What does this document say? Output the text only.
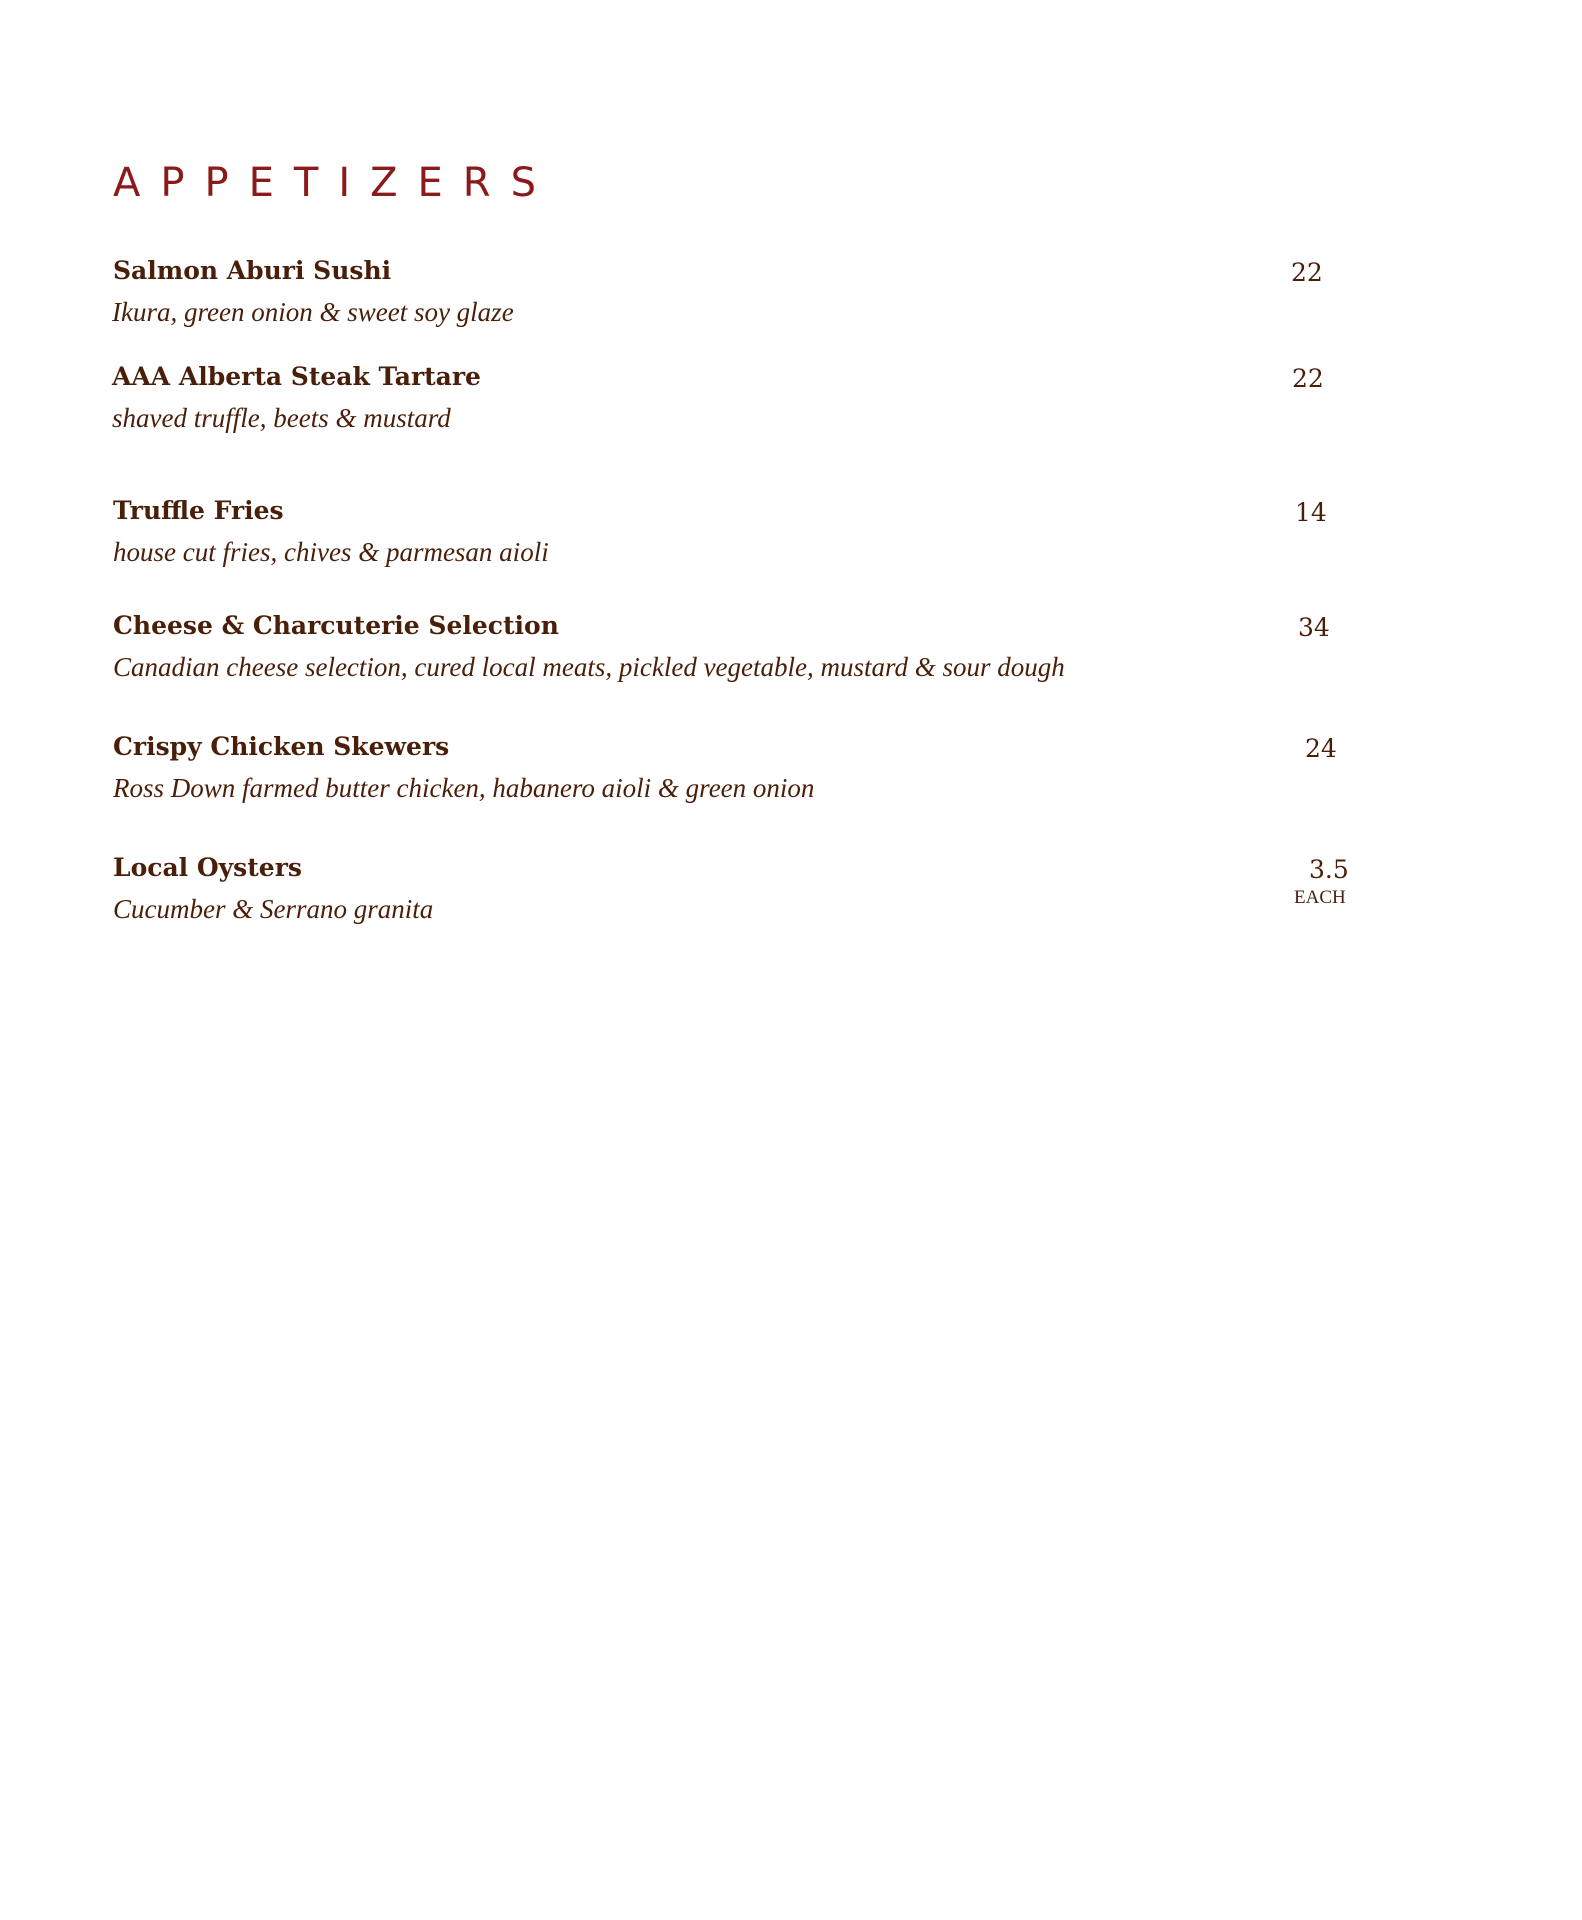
APPETIZERS
Salmon Aburi Sushi
Ikura, green onion & sweet soy glaze
22
AAA Alberta Steak Tartare
shaved truffle, beets & mustard
22
Truffle Fries
house cut fries, chives & parmesan aioli
14
Cheese & Charcuterie Selection
Canadian cheese selection, cured local meats, pickled vegetable, mustard & sour dough
34
Crispy Chicken Skewers
Ross Down farmed butter chicken, habanero aioli & green onion
24
Local Oysters
Cucumber & Serrano granita
3.5
EACH
